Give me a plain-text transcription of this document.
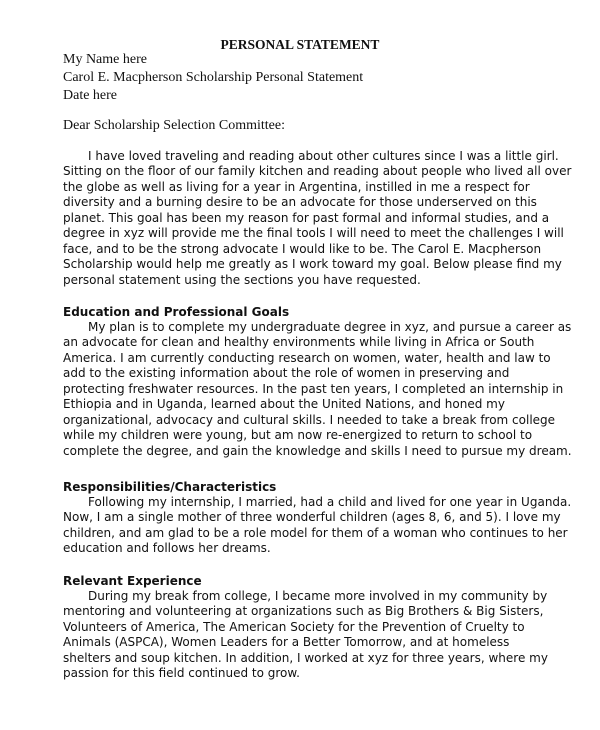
PERSONAL STATEMENT
My Name here
Carol E. Macpherson Scholarship Personal Statement
Date here
Dear Scholarship Selection Committee:
I have loved traveling and reading about other cultures since I was a little girl.
Sitting on the floor of our family kitchen and reading about people who lived all over
the globe as well as living for a year in Argentina, instilled in me a respect for
diversity and a burning desire to be an advocate for those underserved on this
planet. This goal has been my reason for past formal and informal studies, and a
degree in xyz will provide me the final tools I will need to meet the challenges I will
face, and to be the strong advocate I would like to be. The Carol E. Macpherson
Scholarship would help me greatly as I work toward my goal. Below please find my
personal statement using the sections you have requested.
Education and Professional Goals
My plan is to complete my undergraduate degree in xyz, and pursue a career as
an advocate for clean and healthy environments while living in Africa or South
America. I am currently conducting research on women, water, health and law to
add to the existing information about the role of women in preserving and
protecting freshwater resources. In the past ten years, I completed an internship in
Ethiopia and in Uganda, learned about the United Nations, and honed my
organizational, advocacy and cultural skills. I needed to take a break from college
while my children were young, but am now re-energized to return to school to
complete the degree, and gain the knowledge and skills I need to pursue my dream.
Responsibilities/Characteristics
Following my internship, I married, had a child and lived for one year in Uganda.
Now, I am a single mother of three wonderful children (ages 8, 6, and 5). I love my
children, and am glad to be a role model for them of a woman who continues to her
education and follows her dreams.
Relevant Experience
During my break from college, I became more involved in my community by
mentoring and volunteering at organizations such as Big Brothers & Big Sisters,
Volunteers of America, The American Society for the Prevention of Cruelty to
Animals (ASPCA), Women Leaders for a Better Tomorrow, and at homeless
shelters and soup kitchen. In addition, I worked at xyz for three years, where my
passion for this field continued to grow.
